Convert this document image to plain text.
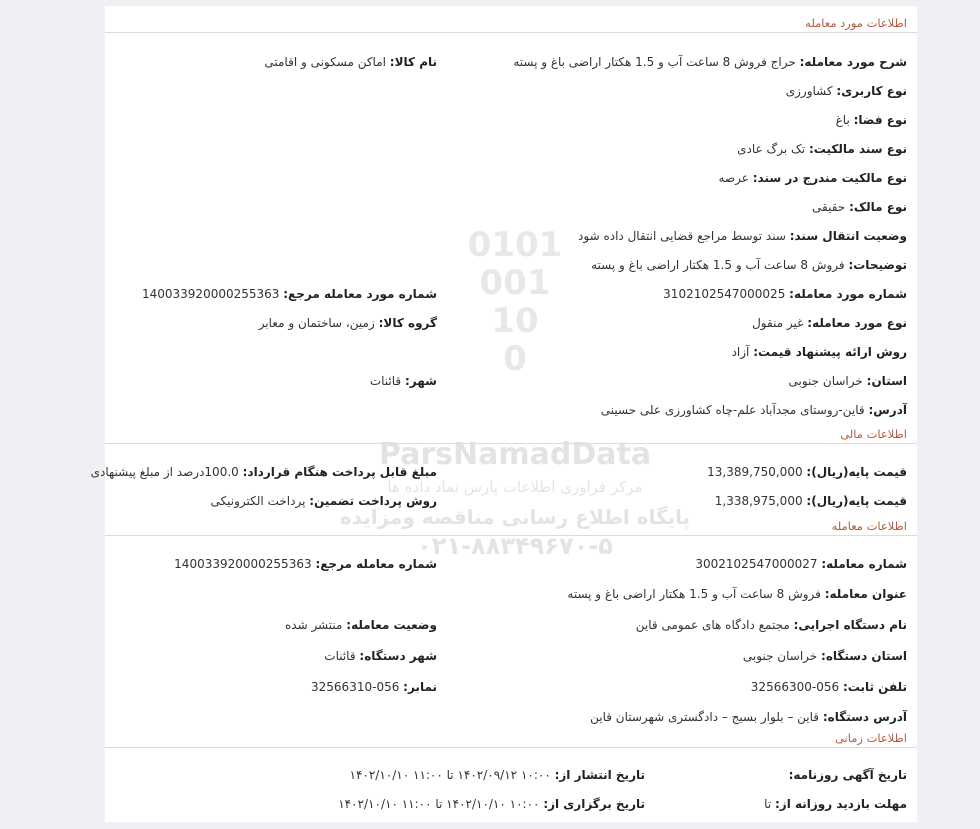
0101
001
10
0
ParsNamadData
مرکز فراوری اطلاعات پارس نماد داده ها
پایگاه اطلاع رسانی مناقصه ومزایده
۰۲۱-۸۸۳۴۹۶۷۰-۵
اطلاعات مورد معامله
شرح مورد معامله: حراج فروش 8 ساعت آب و 1.5 هکتار اراضی باغ و پسته
نام کالا: اماکن مسکونی و اقامتی
نوع کاربری: کشاورزی
نوع فضا: باغ
نوع سند مالکیت: تک برگ عادی
نوع مالکیت مندرج در سند: عرصه
نوع مالک: حقیقی
وضعیت انتقال سند: سند توسط مراجع قضایی انتقال داده شود
توضیحات: فروش 8 ساعت آب و 1.5 هکتار اراضی باغ و پسته
شماره مورد معامله: 3102102547000025
شماره مورد معامله مرجع: 140033920000255363
نوع مورد معامله: غیر منقول
گروه کالا: زمین، ساختمان و معابر
روش ارائه پیشنهاد قیمت: آزاد
استان: خراسان جنوبی
شهر: قائنات
آدرس: قاین-روستای مجدآباد علم-چاه کشاورزی علی حسینی
اطلاعات مالی
قیمت پایه(ریال): 13,389,750,000
مبلغ قابل پرداخت هنگام قرارداد: 100.0درصد از مبلغ پیشنهادی
قیمت پایه(ریال): 1,338,975,000
روش پرداخت تضمین: پرداخت الکترونیکی
اطلاعات معامله
شماره معامله: 3002102547000027
شماره معامله مرجع: 140033920000255363
عنوان معامله: فروش 8 ساعت آب و 1.5 هکتار اراضی باغ و پسته
نام دستگاه اجرایی: مجتمع دادگاه های عمومی قاین
وضعیت معامله: منتشر شده
استان دستگاه: خراسان جنوبی
شهر دستگاه: قائنات
تلفن ثابت: 056-32566300
نمابر: 056-32566310
آدرس دستگاه: قاین – بلوار بسیج – دادگستری شهرستان قاین
اطلاعات زمانی
تاریخ آگهی روزنامه:
تاریخ انتشار از: ۱۰:۰۰ ۱۴۰۲/۰۹/۱۲ تا ۱۱:۰۰ ۱۴۰۲/۱۰/۱۰
مهلت بازدید روزانه از: تا
تاریخ برگزاری از: ۱۰:۰۰ ۱۴۰۲/۱۰/۱۰ تا ۱۱:۰۰ ۱۴۰۲/۱۰/۱۰
